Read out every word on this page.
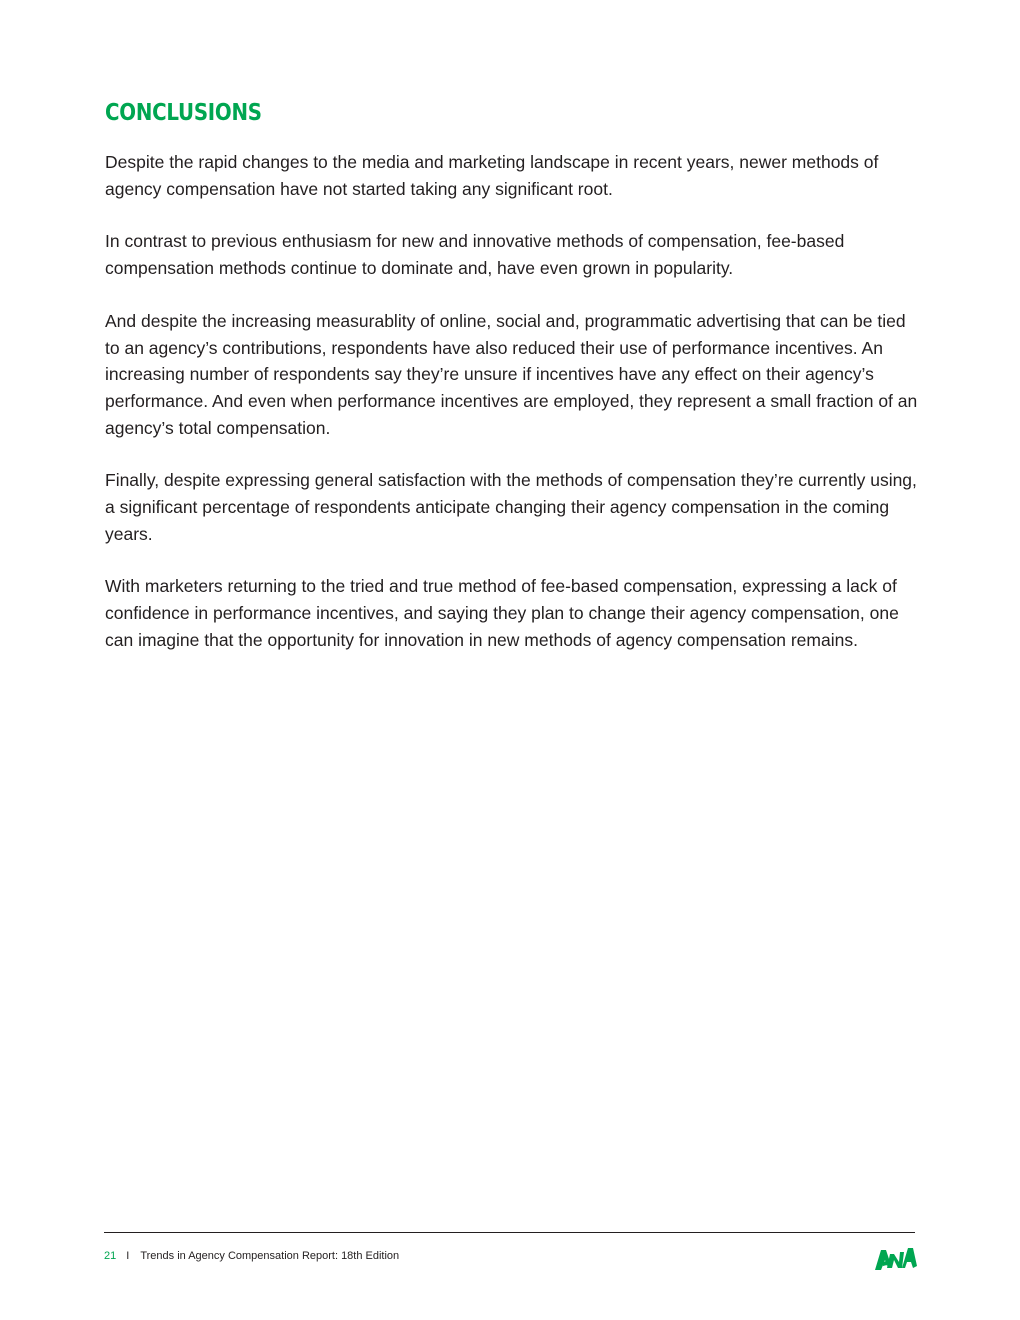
CONCLUSIONS

Despite the rapid changes to the media and marketing landscape in recent years, newer methods of agency compensation have not started taking any significant root.

In contrast to previous enthusiasm for new and innovative methods of compensation, fee-based compensation methods continue to dominate and, have even grown in popularity.

And despite the increasing measurablity of online, social and, programmatic advertising that can be tied to an agency’s contributions, respondents have also reduced their use of performance incentives. An increasing number of respondents say they’re unsure if incentives have any effect on their agency’s performance. And even when performance incentives are employed, they represent a small fraction of an agency’s total compensation.

Finally, despite expressing general satisfaction with the methods of compensation they’re currently using, a significant percentage of respondents anticipate changing their agency compensation in the coming years.

With marketers returning to the tried and true method of fee-based compensation, expressing a lack of confidence in performance incentives, and saying they plan to change their agency compensation, one can imagine that the opportunity for innovation in new methods of agency compensation remains.

21 I Trends in Agency Compensation Report: 18th Edition
